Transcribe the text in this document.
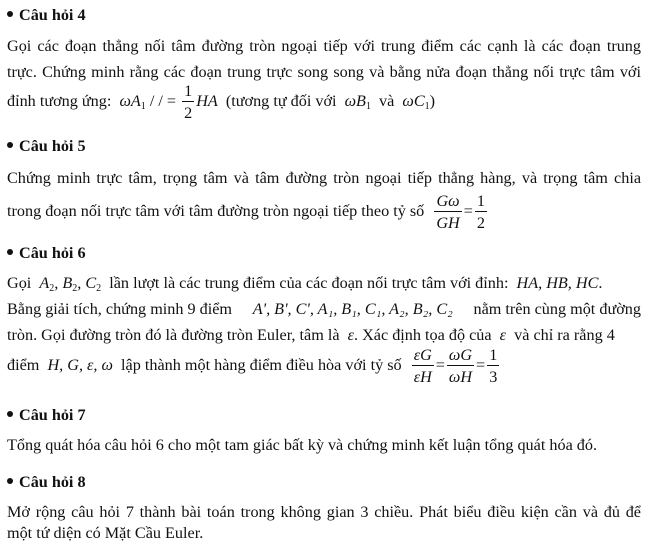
Câu hỏi 4
Gọi các đoạn thẳng nối tâm đường tròn ngoại tiếp với trung điểm các cạnh là các đoạn trung
trực. Chứng minh rằng các đoạn trung trực song song và bằng nửa đoạn thẳng nối trực tâm với
đỉnh tương ứng: $\omega A_1$ / / = $\frac{1}{2}$ HA (tương tự đối với $\omega B_1$ và $\omega C_1$)
Câu hỏi 5
Chứng minh trực tâm, trọng tâm và tâm đường tròn ngoại tiếp thẳng hàng, và trọng tâm chia
trong đoạn nối trực tâm với tâm đường tròn ngoại tiếp theo tỷ số $\frac{G\omega}{GH} = \frac{1}{2}$
Câu hỏi 6
Gọi $A_2$, $B_2$, $C_2$ lần lượt là các trung điểm của các đoạn nối trực tâm với đỉnh: HA, HB, HC.
Bằng giải tích, chứng minh 9 điểm A', B', C', A₁, B₁, C₁, A₂, B₂, C₂ nằm trên cùng một đường
tròn. Gọi đường tròn đó là đường tròn Euler, tâm là ε. Xác định tọa độ của ε và chỉ ra rằng 4
điểm H, G, ε, ω lập thành một hàng điểm điều hòa với tỷ số $\frac{\varepsilon G}{\varepsilon H} = \frac{\omega G}{\omega H} = \frac{1}{3}$
Câu hỏi 7
Tổng quát hóa câu hỏi 6 cho một tam giác bất kỳ và chứng minh kết luận tổng quát hóa đó.
Câu hỏi 8
Mở rộng câu hỏi 7 thành bài toán trong không gian 3 chiều. Phát biểu điều kiện cần và đủ để
một tứ diện có Mặt Cầu Euler.
